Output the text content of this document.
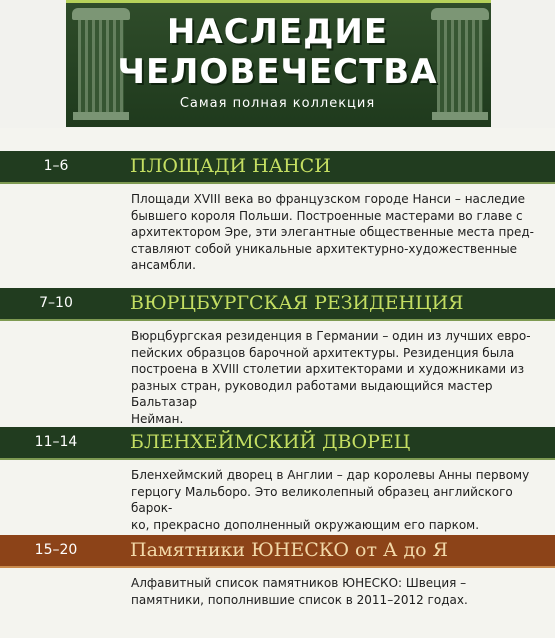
НАСЛЕДИЕ
ЧЕЛОВЕЧЕСТВА
Самая полная коллекция
1–6	ПЛОЩАДИ НАНСИ
Площади XVIII века во французском городе Нанси – наследие
бывшего короля Польши. Построенные мастерами во главе с
архитектором Эре, эти элегантные общественные места пред-
ставляют собой уникальные архитектурно-художественные
ансамбли.
7–10	ВЮРЦБУРГСКАЯ РЕЗИДЕНЦИЯ
Вюрцбургская резиденция в Германии – один из лучших евро-
пейских образцов барочной архитектуры. Резиденция была
построена в XVIII столетии архитекторами и художниками из
разных стран, руководил работами выдающийся мастер Бальтазар
Нейман.
11–14	БЛЕНХЕЙМСКИЙ ДВОРЕЦ
Бленхеймский дворец в Англии – дар королевы Анны первому
герцогу Мальборо. Это великолепный образец английского барок-
ко, прекрасно дополненный окружающим его парком.
15–20	Памятники ЮНЕСКО от А до Я
Алфавитный список памятников ЮНЕСКО: Швеция –
памятники, пополнившие список в 2011–2012 годах.
